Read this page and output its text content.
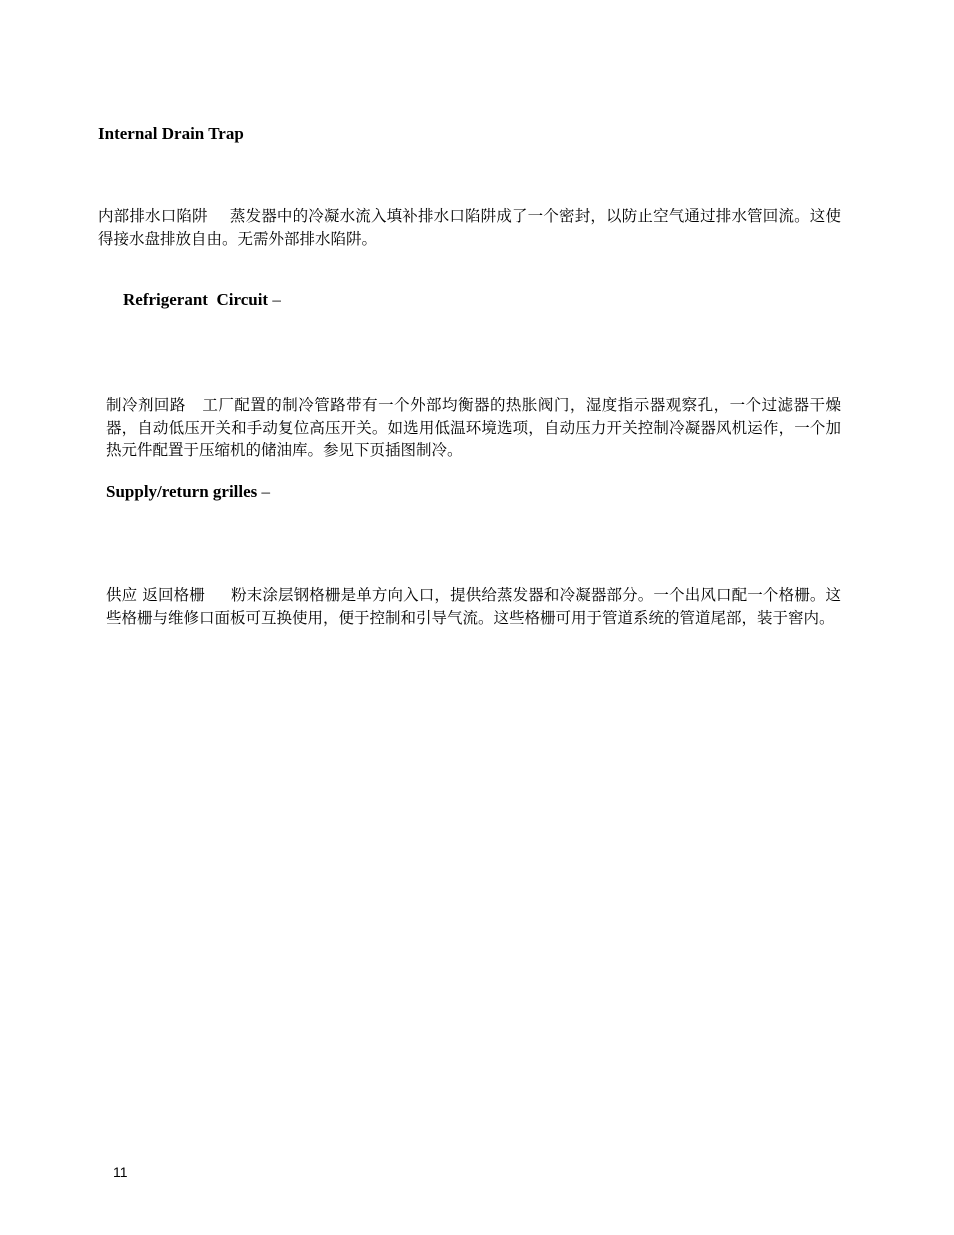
Internal Drain Trap
内部排水口陷阱 蒸发器中的冷凝水流入填补排水口陷阱成了一个密封，以防止空气通过排水管回流。这使得接水盘排放自由。无需外部排水陷阱。

Refrigerant  Circuit –

制冷剂回路 工厂配置的制冷管路带有一个外部均衡器的热胀阀门，湿度指示器观察孔，一个过滤器干燥器，自动低压开关和手动复位高压开关。如选用低温环境选项，自动压力开关控制冷凝器风机运作，一个加热元件配置于压缩机的储油库。参见下页插图制冷。
Supply/return grilles –
供应 返回格栅 粉末涂层钢格栅是单方向入口，提供给蒸发器和冷凝器部分。一个出风口配一个格栅。这些格栅与维修口面板可互换使用，便于控制和引导气流。这些格栅可用于管道系统的管道尾部，装于窖内。
11
